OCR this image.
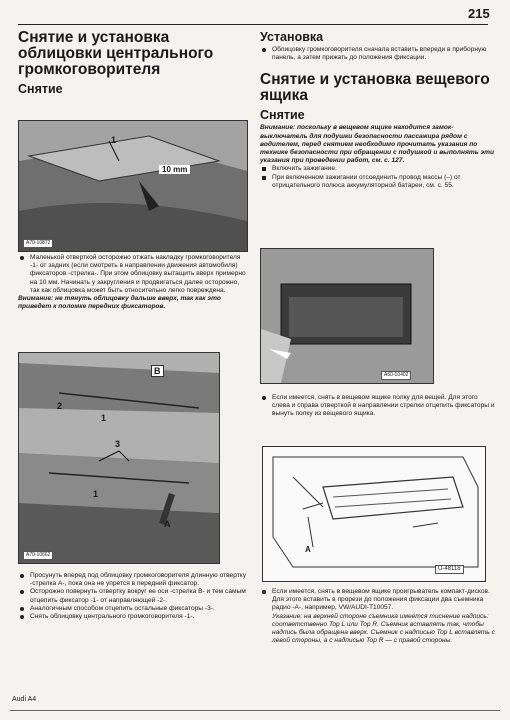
215

Снятие и установка облицовки центрального громкоговорителя

Снятие

1
10 mm
A70-10872

Маленькой отверткой осторожно отжать накладку громкоговорителя -1- от задних (если смотреть в направлении движения автомобиля) фиксаторов -стрелка-. При этом облицовку вытащить вверх примерно на 10 мм. Начинать у закругления и продвигаться далее осторожно, так как облицовка может быть относительно легко повреждена.

Внимание: не тянуть облицовку дальше вверх, так как это приведет к поломке передних фиксаторов.

B
2
1
3
1
A
A70-10662

Просунуть вперед под облицовку громкоговорителя длинную отвертку -стрелка А-, пока она не упрется в передний фиксатор.

Осторожно повернуть отвертку вокруг ее оси -стрелка В- и тем самым отцепить фиксатор -1- от направляющей -2-.

Аналогичным способом отцепить остальные фиксаторы -3-.

Снять облицовку центрального громкоговорителя -1-.

Установка

Облицовку громкоговорителя сначала вставить впереди в приборную панель, а затем прижать до положения фиксации.

Снятие и установка вещевого ящика

Снятие

Внимание: поскольку в вещевом ящике находится замок-выключатель для подушки безопасности пассажира рядом с водителем, перед снятием необходимо прочитать указания по технике безопасности при обращении с подушкой и выполнять эти указания при проведении работ, см. с. 127.

Включить зажигание.

При включенном зажигании отсоединить провод массы (–) от отрицательного полюса аккумуляторной батареи, см. с. 55.

A60-10402

Если имеется, снять в вещевом ящике полку для вещей. Для этого слева и справа отверткой в направлении стрелки отцепить фиксаторы и вынуть полку из вещевого ящика.

A
U-48118

Если имеется, снять в вещевом ящике проигрыватель компакт-дисков. Для этого вставить в прорези до положения фиксации два съемника радио -А-, например, VW/AUDI-T10057.

Указание: на верхней стороне съемника имеется тиснение надпись: соответственно Top L или Top R. Съемник вставлять так, чтобы надпись была обращена вверх. Съемник с надписью Top L вставлять с левой стороны, а с надписью Top R — с правой стороны.

Audi A4
